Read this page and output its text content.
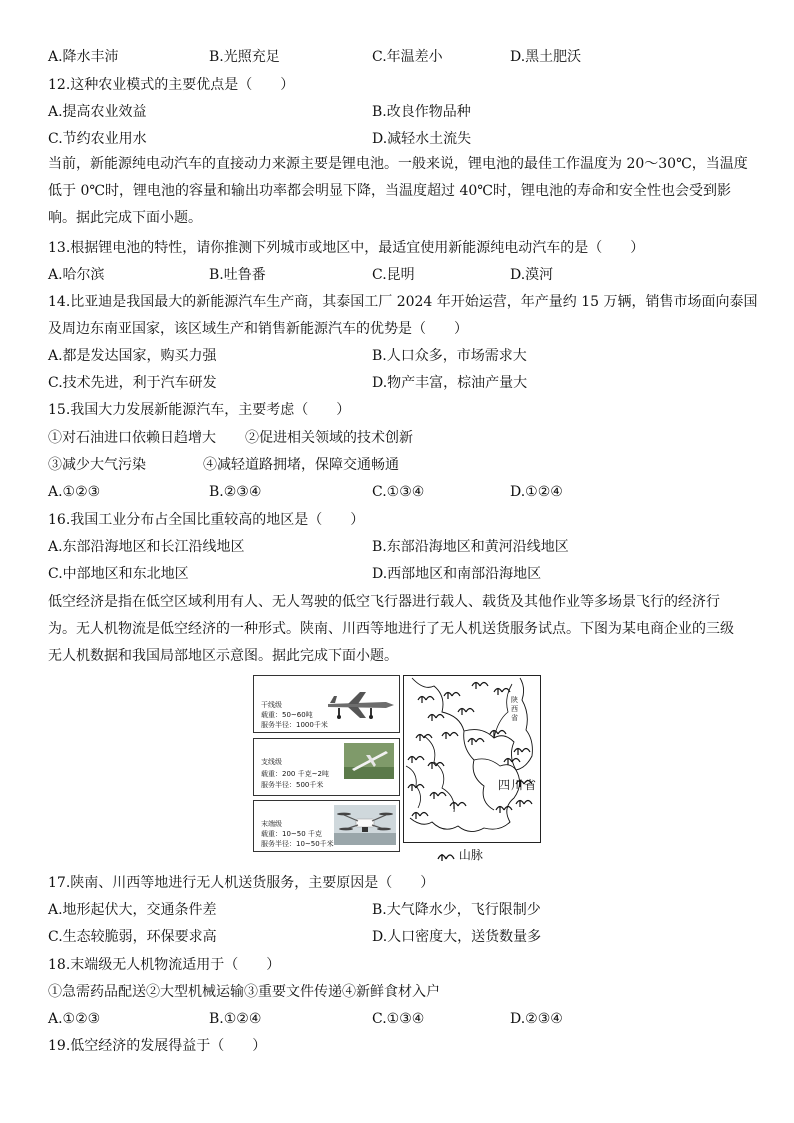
A.降水丰沛	B.光照充足	C.年温差小	D.黑土肥沃
12.这种农业模式的主要优点是（　　）
A.提高农业效益	B.改良作物品种
C.节约农业用水	D.减轻水土流失
当前，新能源纯电动汽车的直接动力来源主要是锂电池。一般来说，锂电池的最佳工作温度为 20～30℃，当温度低于 0℃时，锂电池的容量和输出功率都会明显下降，当温度超过 40℃时，锂电池的寿命和安全性也会受到影响。据此完成下面小题。
13.根据锂电池的特性，请你推测下列城市或地区中，最适宜使用新能源纯电动汽车的是（　　）
A.哈尔滨	B.吐鲁番	C.昆明	D.漠河
14.比亚迪是我国最大的新能源汽车生产商，其泰国工厂 2024 年开始运营，年产量约 15 万辆，销售市场面向泰国
及周边东南亚国家，该区域生产和销售新能源汽车的优势是（　　）
A.都是发达国家，购买力强	B.人口众多，市场需求大
C.技术先进，利于汽车研发	D.物产丰富，棕油产量大
15.我国大力发展新能源汽车，主要考虑（　　）
①对石油进口依赖日趋增大 ②促进相关领域的技术创新
③减少大气污染	④减轻道路拥堵，保障交通畅通
A.①②③	B.②③④	C.①③④	D.①②④
16.我国工业分布占全国比重较高的地区是（　　）
A.东部沿海地区和长江沿线地区	B.东部沿海地区和黄河沿线地区
C.中部地区和东北地区	D.西部地区和南部沿海地区
低空经济是指在低空区域利用有人、无人驾驶的低空飞行器进行载人、载货及其他作业等多场景飞行的经济行
为。无人机物流是低空经济的一种形式。陕南、川西等地进行了无人机送货服务试点。下图为某电商企业的三级
无人机数据和我国局部地区示意图。据此完成下面小题。
干线级
载重：50~60吨
服务半径：1000千米
支线级
载重：200 千克~2吨
服务半径：500千米
末端级
载重：10~50 千克
服务半径：10~50千米
四川省
陕西省
山脉
17.陕南、川西等地进行无人机送货服务，主要原因是（　　）
A.地形起伏大，交通条件差	B.大气降水少，飞行限制少
C.生态较脆弱，环保要求高	D.人口密度大，送货数量多
18.末端级无人机物流适用于（　　）
①急需药品配送②大型机械运输③重要文件传递④新鲜食材入户
A.①②③	B.①②④	C.①③④	D.②③④
19.低空经济的发展得益于（　　）
